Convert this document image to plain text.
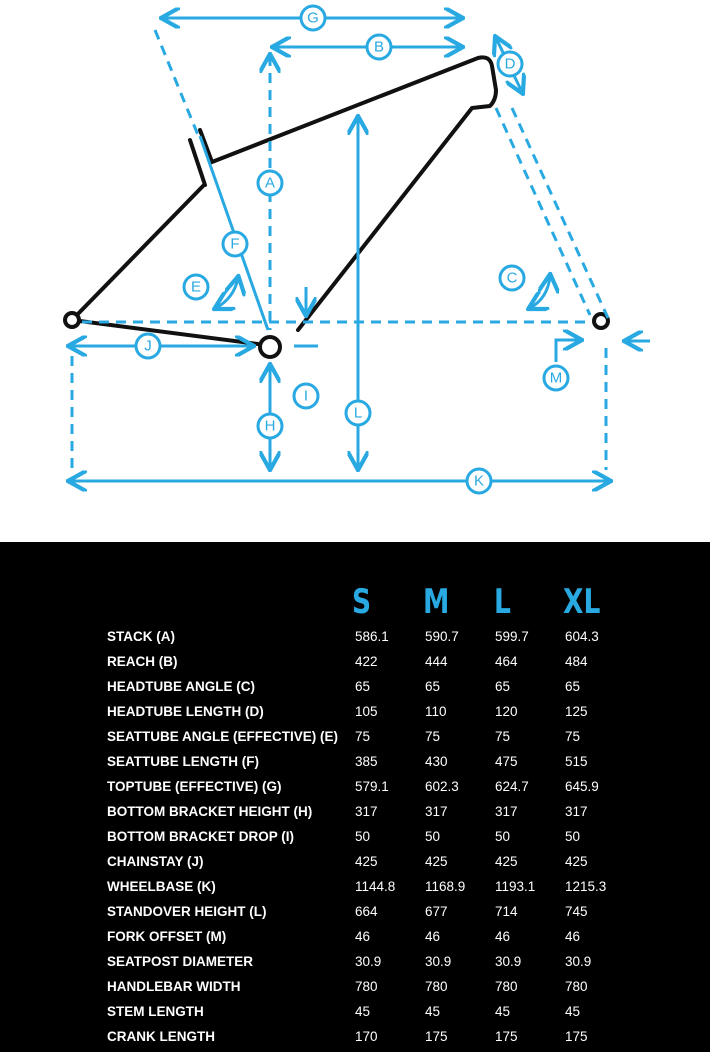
G
B
D
A
F
E
C
J
I
M
L
H
K
S M L XL
STACK (A)	586.1	590.7	599.7	604.3
REACH (B)	422	444	464	484
HEADTUBE ANGLE (C)	65	65	65	65
HEADTUBE LENGTH (D)	105	110	120	125
SEATTUBE ANGLE (EFFECTIVE) (E) 75	75	75	75
SEATTUBE LENGTH (F)	385	430	475	515
TOPTUBE (EFFECTIVE) (G)	579.1	602.3	624.7	645.9
BOTTOM BRACKET HEIGHT (H)	317	317	317	317
BOTTOM BRACKET DROP (I)	50	50	50	50
CHAINSTAY (J)	425	425	425	425
WHEELBASE (K)	1144.8 1168.9 1193.1 1215.3
STANDOVER HEIGHT (L)	664	677	714	745
FORK OFFSET (M)	46	46	46	46
SEATPOST DIAMETER	30.9	30.9	30.9	30.9
HANDLEBAR WIDTH	780	780	780	780
STEM LENGTH	45	45	45	45
CRANK LENGTH	170	175	175	175
